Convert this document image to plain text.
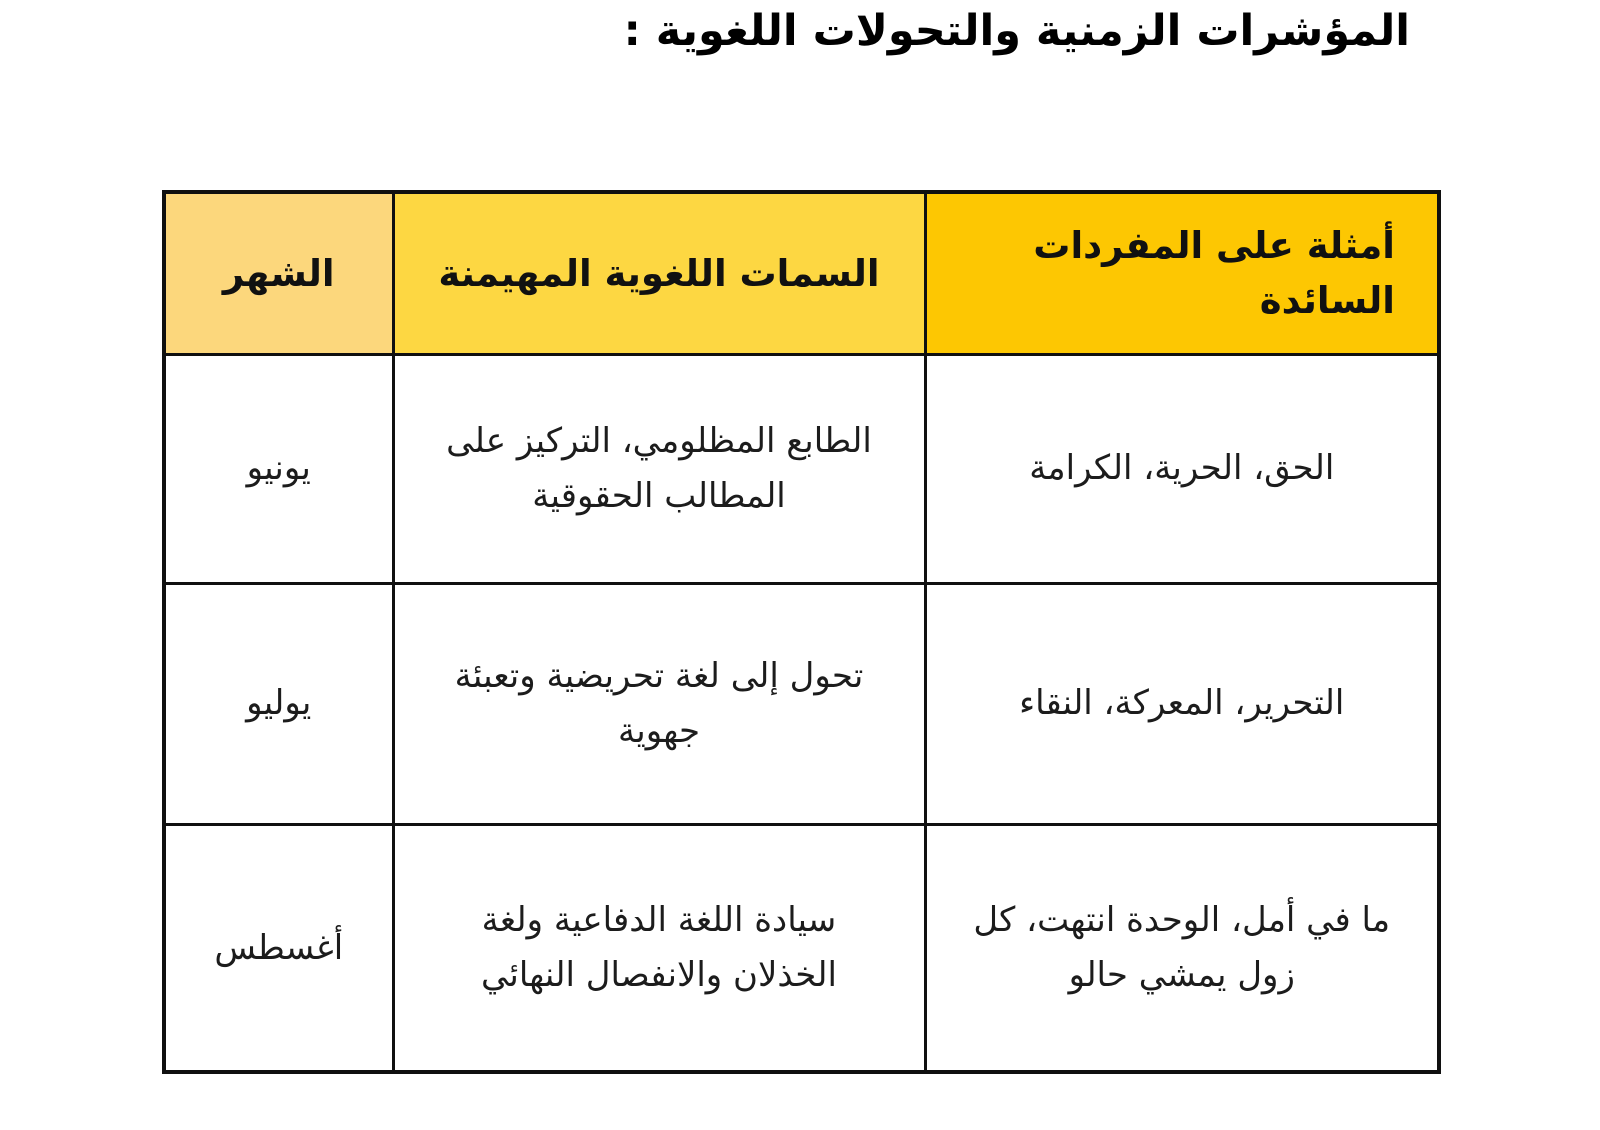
المؤشرات الزمنية والتحولات اللغوية :
أمثلة على المفردات السائدة	السمات اللغوية المهيمنة	الشهر
الحق، الحرية، الكرامة	الطابع المظلومي، التركيز على المطالب الحقوقية	يونيو
التحرير، المعركة، النقاء	تحول إلى لغة تحريضية وتعبئة جهوية	يوليو
ما في أمل، الوحدة انتهت، كل زول يمشي حالو	سيادة اللغة الدفاعية ولغة الخذلان والانفصال النهائي	أغسطس
